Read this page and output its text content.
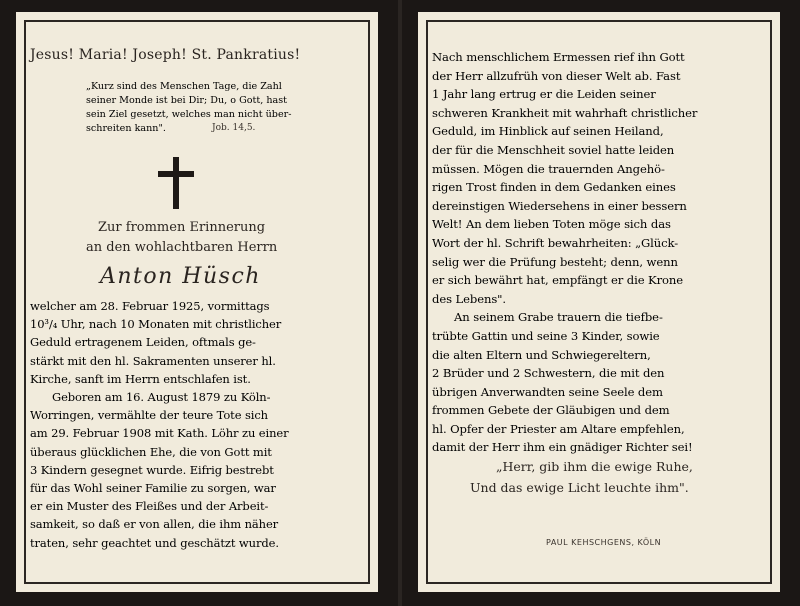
Jesus! Maria! Joseph! St. Pankratius!
„Kurz sind des Menschen Tage, die Zahl
seiner Monde ist bei Dir; Du, o Gott, hast
sein Ziel gesetzt, welches man nicht über-
schreiten kann".	Job. 14,5.
Zur frommen Erinnerung
an den wohlachtbaren Herrn
Anton Hüsch
welcher am 28. Februar 1925, vormittags
10³/₄ Uhr, nach 10 Monaten mit christlicher
Geduld ertragenem Leiden, oftmals ge-
stärkt mit den hl. Sakramenten unserer hl.
Kirche, sanft im Herrn entschlafen ist.
Geboren am 16. August 1879 zu Köln-
Worringen, vermählte der teure Tote sich
am 29. Februar 1908 mit Kath. Löhr zu einer
überaus glücklichen Ehe, die von Gott mit
3 Kindern gesegnet wurde. Eifrig bestrebt
für das Wohl seiner Familie zu sorgen, war
er ein Muster des Fleißes und der Arbeit-
samkeit, so daß er von allen, die ihm näher
traten, sehr geachtet und geschätzt wurde.
Nach menschlichem Ermessen rief ihn Gott
der Herr allzufrüh von dieser Welt ab. Fast
1 Jahr lang ertrug er die Leiden seiner
schweren Krankheit mit wahrhaft christlicher
Geduld, im Hinblick auf seinen Heiland,
der für die Menschheit soviel hatte leiden
müssen. Mögen die trauernden Angehö-
rigen Trost finden in dem Gedanken eines
dereinstigen Wiedersehens in einer bessern
Welt! An dem lieben Toten möge sich das
Wort der hl. Schrift bewahrheiten: „Glück-
selig wer die Prüfung besteht; denn, wenn
er sich bewährt hat, empfängt er die Krone
des Lebens".
An seinem Grabe trauern die tiefbe-
trübte Gattin und seine 3 Kinder, sowie
die alten Eltern und Schwiegereltern,
2 Brüder und 2 Schwestern, die mit den
übrigen Anverwandten seine Seele dem
frommen Gebete der Gläubigen und dem
hl. Opfer der Priester am Altare empfehlen,
damit der Herr ihm ein gnädiger Richter sei!
„Herr, gib ihm die ewige Ruhe,
Und das ewige Licht leuchte ihm".
PAUL KEHSCHGENS, KÖLN
